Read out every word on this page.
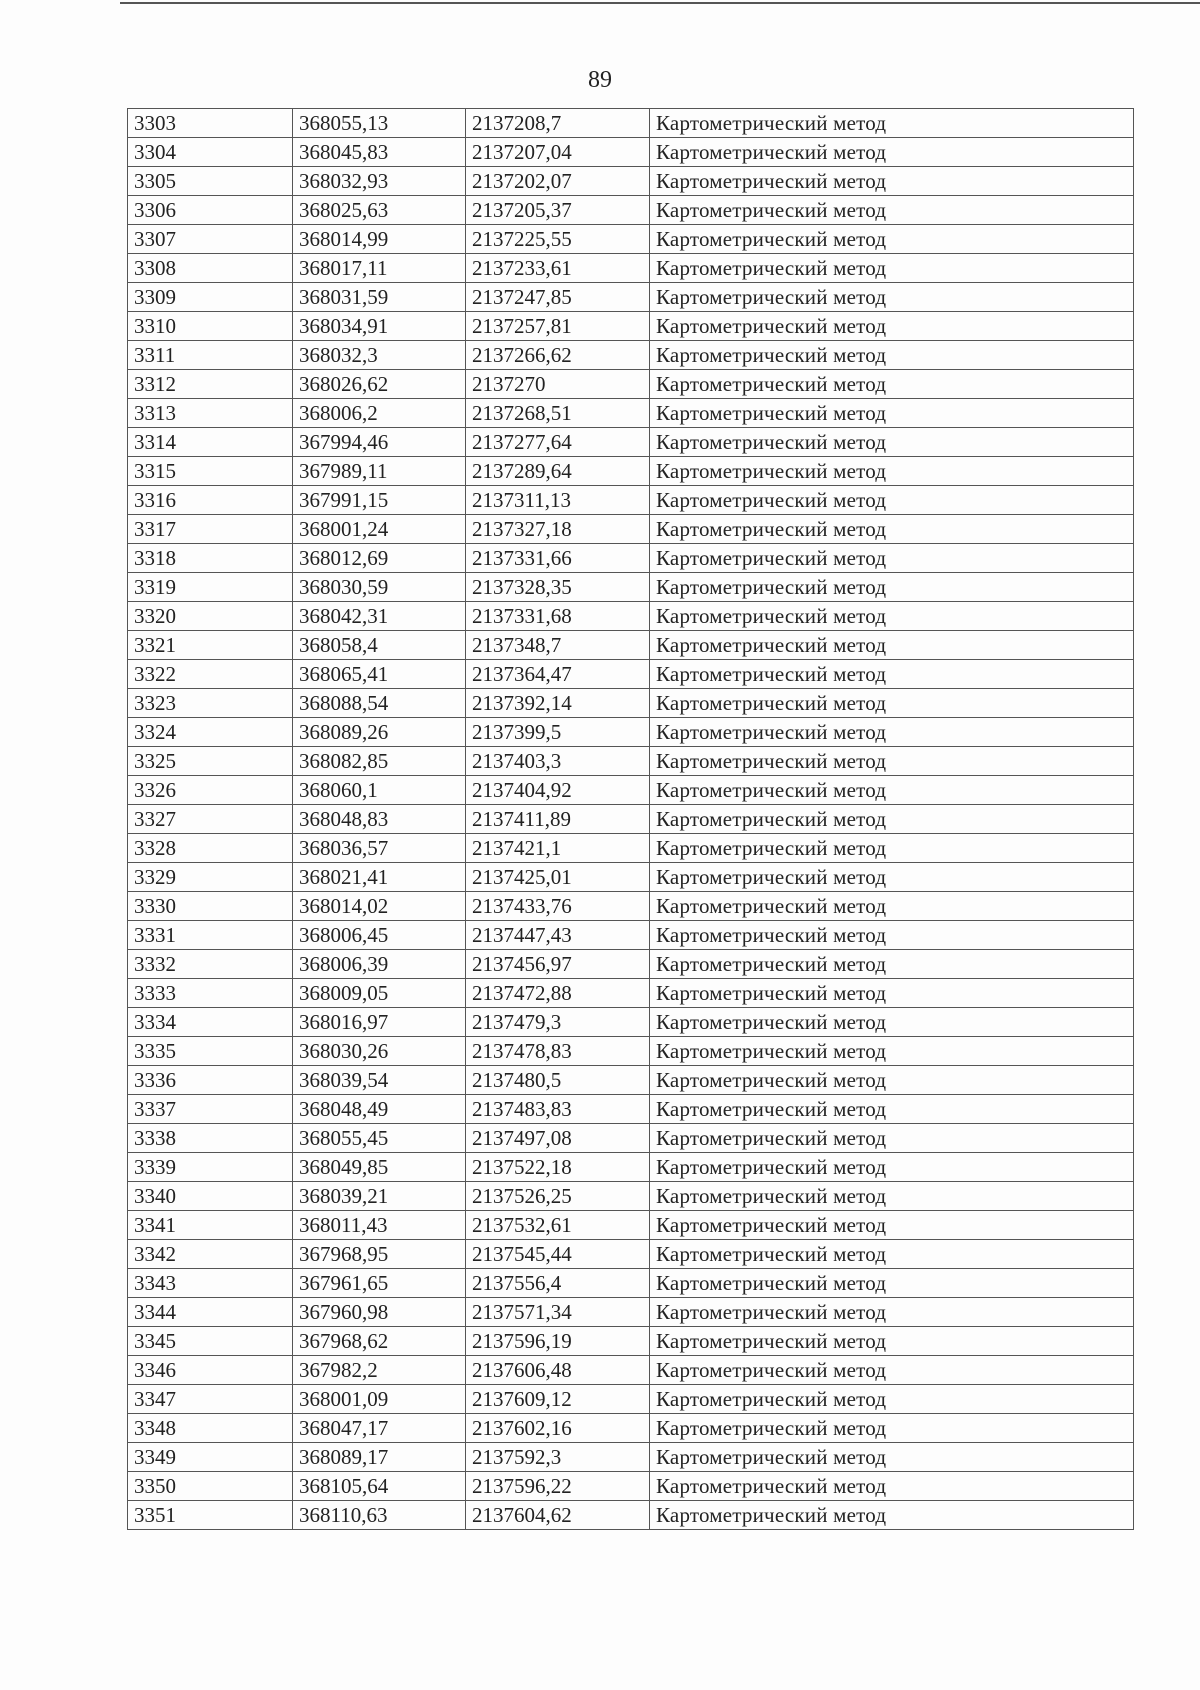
89
3303	368055,13	2137208,7	Картометрический метод
3304	368045,83	2137207,04	Картометрический метод
3305	368032,93	2137202,07	Картометрический метод
3306	368025,63	2137205,37	Картометрический метод
3307	368014,99	2137225,55	Картометрический метод
3308	368017,11	2137233,61	Картометрический метод
3309	368031,59	2137247,85	Картометрический метод
3310	368034,91	2137257,81	Картометрический метод
3311	368032,3	2137266,62	Картометрический метод
3312	368026,62	2137270	Картометрический метод
3313	368006,2	2137268,51	Картометрический метод
3314	367994,46	2137277,64	Картометрический метод
3315	367989,11	2137289,64	Картометрический метод
3316	367991,15	2137311,13	Картометрический метод
3317	368001,24	2137327,18	Картометрический метод
3318	368012,69	2137331,66	Картометрический метод
3319	368030,59	2137328,35	Картометрический метод
3320	368042,31	2137331,68	Картометрический метод
3321	368058,4	2137348,7	Картометрический метод
3322	368065,41	2137364,47	Картометрический метод
3323	368088,54	2137392,14	Картометрический метод
3324	368089,26	2137399,5	Картометрический метод
3325	368082,85	2137403,3	Картометрический метод
3326	368060,1	2137404,92	Картометрический метод
3327	368048,83	2137411,89	Картометрический метод
3328	368036,57	2137421,1	Картометрический метод
3329	368021,41	2137425,01	Картометрический метод
3330	368014,02	2137433,76	Картометрический метод
3331	368006,45	2137447,43	Картометрический метод
3332	368006,39	2137456,97	Картометрический метод
3333	368009,05	2137472,88	Картометрический метод
3334	368016,97	2137479,3	Картометрический метод
3335	368030,26	2137478,83	Картометрический метод
3336	368039,54	2137480,5	Картометрический метод
3337	368048,49	2137483,83	Картометрический метод
3338	368055,45	2137497,08	Картометрический метод
3339	368049,85	2137522,18	Картометрический метод
3340	368039,21	2137526,25	Картометрический метод
3341	368011,43	2137532,61	Картометрический метод
3342	367968,95	2137545,44	Картометрический метод
3343	367961,65	2137556,4	Картометрический метод
3344	367960,98	2137571,34	Картометрический метод
3345	367968,62	2137596,19	Картометрический метод
3346	367982,2	2137606,48	Картометрический метод
3347	368001,09	2137609,12	Картометрический метод
3348	368047,17	2137602,16	Картометрический метод
3349	368089,17	2137592,3	Картометрический метод
3350	368105,64	2137596,22	Картометрический метод
3351	368110,63	2137604,62	Картометрический метод
